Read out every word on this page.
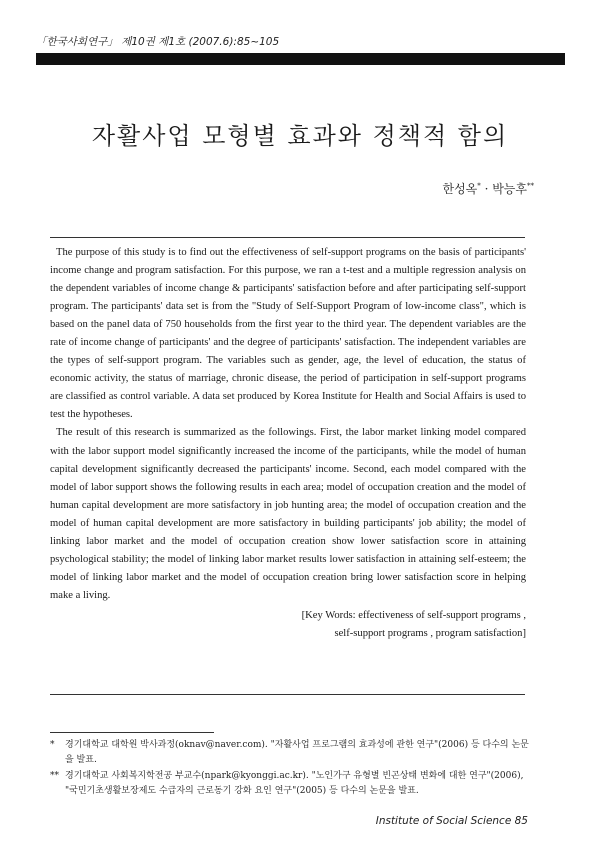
「한국사회연구」 제10권 제1호 (2007.6):85~105
자활사업 모형별 효과와 정책적 함의
한성옥* · 박능후**

The purpose of this study is to find out the effectiveness of self-support programs on the basis of participants' income change and program satisfaction. For this purpose, we ran a t-test and a multiple regression analysis on the dependent variables of income change & participants' satisfaction before and after participating self-support program. The participants' data set is from the "Study of Self-Support Program of low-income class", which is based on the panel data of 750 households from the first year to the third year. The dependent variables are the rate of income change of participants' and the degree of participants' satisfaction. The independent variables are the types of self-support program. The variables such as gender, age, the level of education, the status of economic activity, the status of marriage, chronic disease, the period of participation in self-support programs are classified as control variable. A data set produced by Korea Institute for Health and Social Affairs is used to test the hypotheses.

The result of this research is summarized as the followings. First, the labor market linking model compared with the labor support model significantly increased the income of the participants, while the model of human capital development significantly decreased the participants' income. Second, each model compared with the model of labor support shows the following results in each area; model of occupation creation and the model of human capital development are more satisfactory in job hunting area; the model of occupation creation and the model of human capital development are more satisfactory in building participants' job ability; the model of linking labor market and the model of occupation creation show lower satisfaction score in attaining psychological stability; the model of linking labor market results lower satisfaction in attaining self-esteem; the model of linking labor market and the model of occupation creation bring lower satisfaction score in helping make a living.

[Key Words: effectiveness of self-support programs ,
self-support programs , program satisfaction]
*	경기대학교 대학원 박사과정(oknav@naver.com). "자활사업 프로그램의 효과성에 관한 연구"(2006) 등 다수의 논문을 발표.
** 경기대학교 사회복지학전공 부교수(npark@kyonggi.ac.kr). "노인가구 유형별 빈곤상태 변화에 대한 연구"(2006), "국민기초생활보장제도 수급자의 근로동기 강화 요인 연구"(2005) 등 다수의 논문을 발표.
Institute of Social Science 85
